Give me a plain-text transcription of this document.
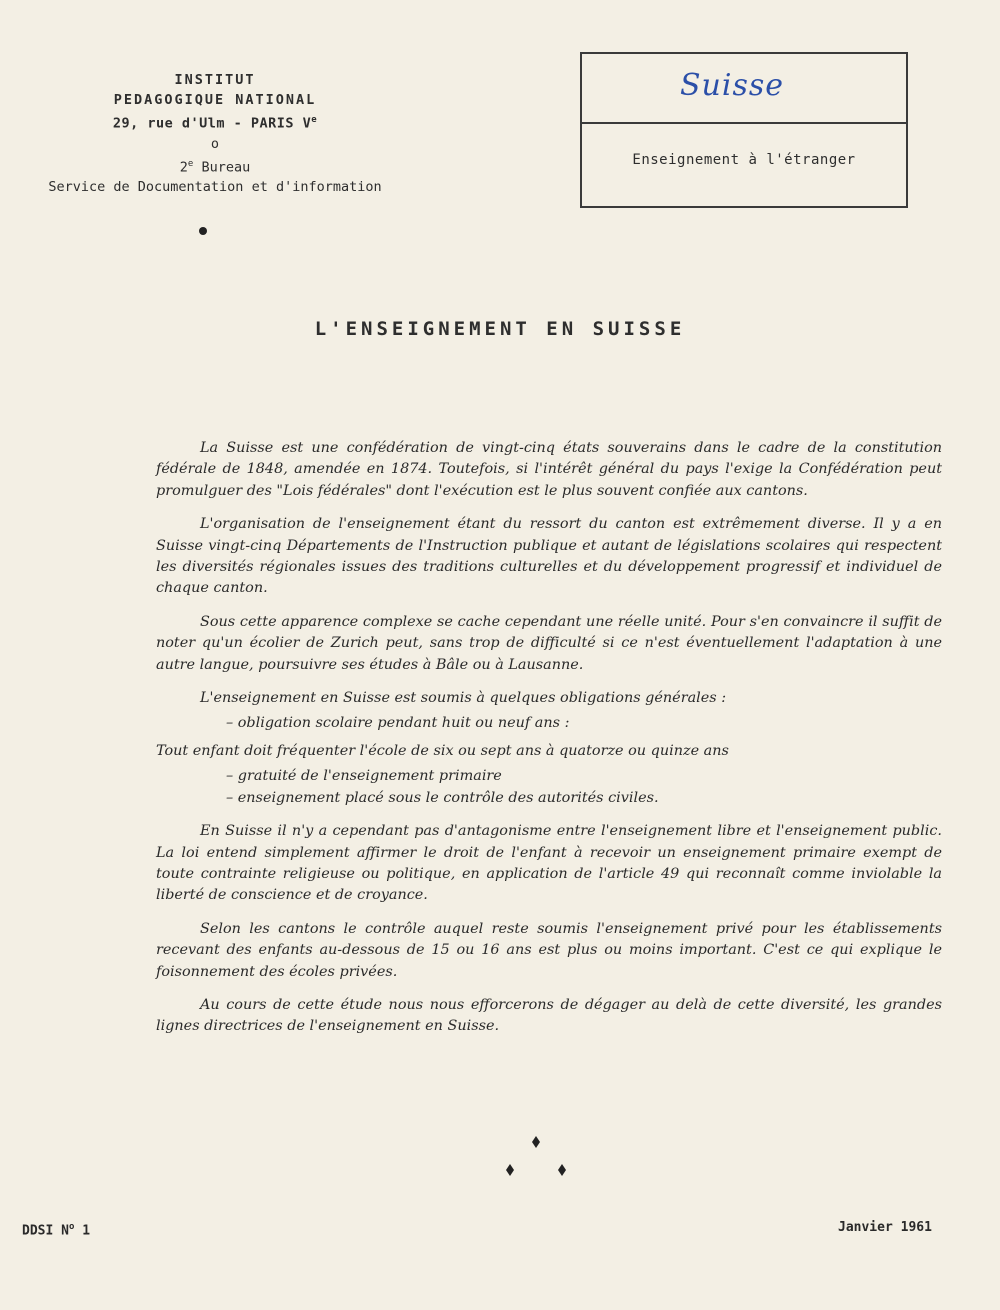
INSTITUT
PEDAGOGIQUE NATIONAL
29, rue d'Ulm - PARIS Ve
o
2e Bureau
Service de Documentation et d'information
Suisse
Enseignement à l'étranger
L'ENSEIGNEMENT EN SUISSE

La Suisse est une confédération de vingt-cinq états souverains dans le cadre de la constitution fédérale de 1848, amendée en 1874. Toutefois, si l'intérêt général du pays l'exige la Confédération peut promulguer des "Lois fédérales" dont l'exécution est le plus souvent confiée aux cantons.

L'organisation de l'enseignement étant du ressort du canton est extrêmement diverse. Il y a en Suisse vingt-cinq Départements de l'Instruction publique et autant de législations scolaires qui respectent les diversités régionales issues des traditions culturelles et du développement progressif et individuel de chaque canton.

Sous cette apparence complexe se cache cependant une réelle unité. Pour s'en convaincre il suffit de noter qu'un écolier de Zurich peut, sans trop de difficulté si ce n'est éventuellement l'adaptation à une autre langue, poursuivre ses études à Bâle ou à Lausanne.

L'enseignement en Suisse est soumis à quelques obligations générales :

– obligation scolaire pendant huit ou neuf ans :

Tout enfant doit fréquenter l'école de six ou sept ans à quatorze ou quinze ans

– gratuité de l'enseignement primaire
– enseignement placé sous le contrôle des autorités civiles.

En Suisse il n'y a cependant pas d'antagonisme entre l'enseignement libre et l'enseignement public. La loi entend simplement affirmer le droit de l'enfant à recevoir un enseignement primaire exempt de toute contrainte religieuse ou politique, en application de l'article 49 qui reconnaît comme inviolable la liberté de conscience et de croyance.

Selon les cantons le contrôle auquel reste soumis l'enseignement privé pour les établissements recevant des enfants au-dessous de 15 ou 16 ans est plus ou moins important. C'est ce qui explique le foisonnement des écoles privées.

Au cours de cette étude nous nous efforcerons de dégager au delà de cette diversité, les grandes lignes directrices de l'enseignement en Suisse.

DDSI $N^o$ 1	Janvier 1961
